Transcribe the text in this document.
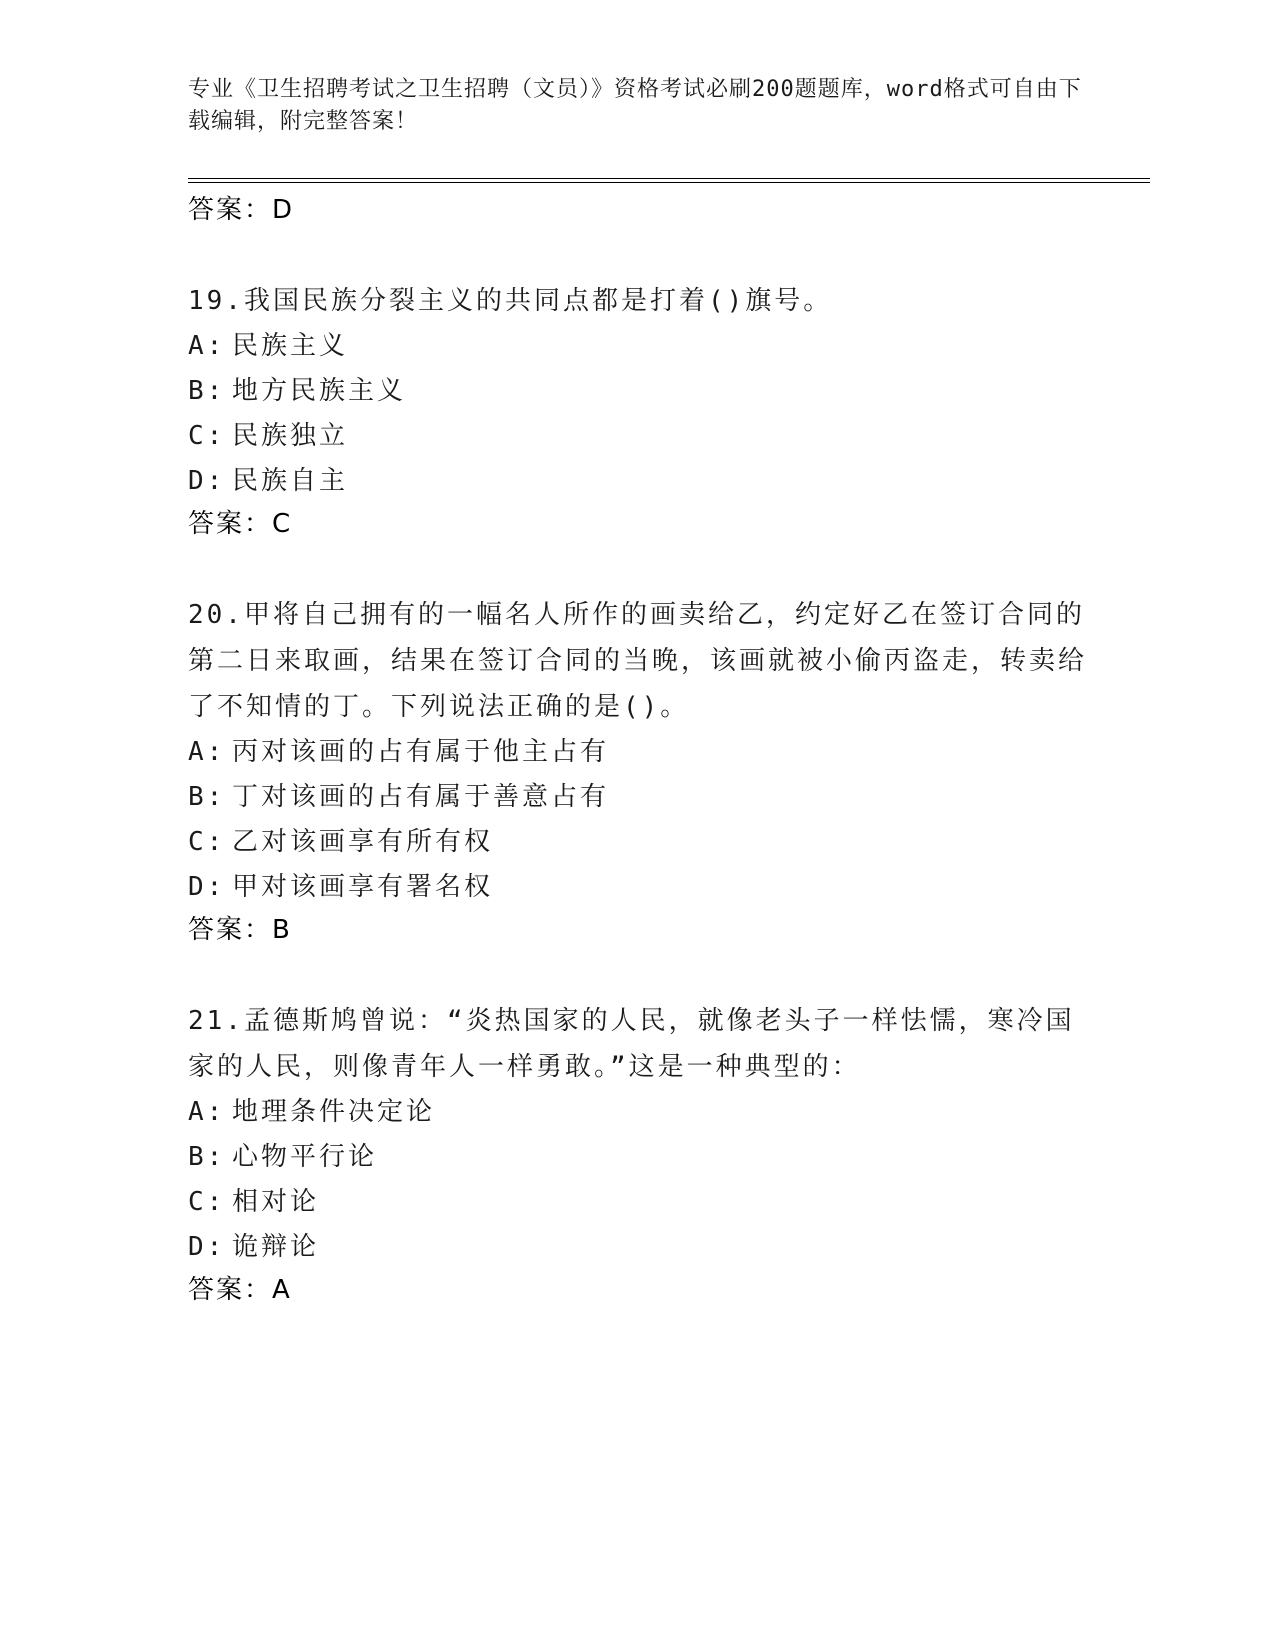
专业《卫生招聘考试之卫生招聘（文员）》资格考试必刷200题题库，word格式可自由下载编辑，附完整答案！
答案：D
19.我国民族分裂主义的共同点都是打着()旗号。
A: 民族主义
B: 地方民族主义
C: 民族独立
D: 民族自主
答案：C
20.甲将自己拥有的一幅名人所作的画卖给乙，约定好乙在签订合同的第二日来取画，结果在签订合同的当晚，该画就被小偷丙盗走，转卖给了不知情的丁。下列说法正确的是()。
A: 丙对该画的占有属于他主占有
B: 丁对该画的占有属于善意占有
C: 乙对该画享有所有权
D: 甲对该画享有署名权
答案：B
21.孟德斯鸠曾说：“炎热国家的人民，就像老头子一样怯懦，寒冷国家的人民，则像青年人一样勇敢。”这是一种典型的：
A: 地理条件决定论
B: 心物平行论
C: 相对论
D: 诡辩论
答案：A
